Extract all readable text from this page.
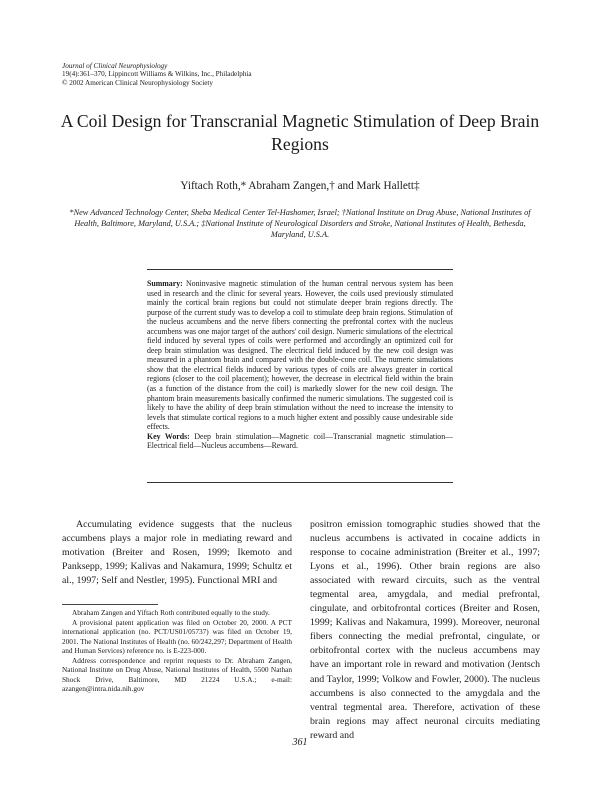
Journal of Clinical Neurophysiology
19(4):361–370, Lippincott Williams & Wilkins, Inc., Philadelphia
© 2002 American Clinical Neurophysiology Society
A Coil Design for Transcranial Magnetic Stimulation of Deep Brain Regions
Yiftach Roth,* Abraham Zangen,† and Mark Hallett‡
*New Advanced Technology Center, Sheba Medical Center Tel-Hashomer, Israel; †National Institute on Drug Abuse, National Institutes of Health, Baltimore, Maryland, U.S.A.; ‡National Institute of Neurological Disorders and Stroke, National Institutes of Health, Bethesda, Maryland, U.S.A.

Summary: Noninvasive magnetic stimulation of the human central nervous system has been used in research and the clinic for several years. However, the coils used previously stimulated mainly the cortical brain regions but could not stimulate deeper brain regions directly. The purpose of the current study was to develop a coil to stimulate deep brain regions. Stimulation of the nucleus accumbens and the nerve fibers connecting the prefrontal cortex with the nucleus accumbens was one major target of the authors' coil design. Numeric simulations of the electrical field induced by several types of coils were performed and accordingly an optimized coil for deep brain stimulation was designed. The electrical field induced by the new coil design was measured in a phantom brain and compared with the double-cone coil. The numeric simulations show that the electrical fields induced by various types of coils are always greater in cortical regions (closer to the coil placement); however, the decrease in electrical field within the brain (as a function of the distance from the coil) is markedly slower for the new coil design. The phantom brain measurements basically confirmed the numeric simulations. The suggested coil is likely to have the ability of deep brain stimulation without the need to increase the intensity to levels that stimulate cortical regions to a much higher extent and possibly cause undesirable side effects.

Key Words: Deep brain stimulation—Magnetic coil—Transcranial magnetic stimulation—Electrical field—Nucleus accumbens—Reward.

Accumulating evidence suggests that the nucleus accumbens plays a major role in mediating reward and motivation (Breiter and Rosen, 1999; Ikemoto and Panksepp, 1999; Kalivas and Nakamura, 1999; Schultz et al., 1997; Self and Nestler, 1995). Functional MRI and

positron emission tomographic studies showed that the nucleus accumbens is activated in cocaine addicts in response to cocaine administration (Breiter et al., 1997; Lyons et al., 1996). Other brain regions are also associated with reward circuits, such as the ventral tegmental area, amygdala, and medial prefrontal, cingulate, and orbitofrontal cortices (Breiter and Rosen, 1999; Kalivas and Nakamura, 1999). Moreover, neuronal fibers connecting the medial prefrontal, cingulate, or orbitofrontal cortex with the nucleus accumbens may have an important role in reward and motivation (Jentsch and Taylor, 1999; Volkow and Fowler, 2000). The nucleus accumbens is also connected to the amygdala and the ventral tegmental area. Therefore, activation of these brain regions may affect neuronal circuits mediating reward and

Abraham Zangen and Yiftach Roth contributed equally to the study.

A provisional patent application was filed on October 20, 2000. A PCT international application (no. PCT/US01/05737) was filed on October 19, 2001. The National Institutes of Health (no. 60/242,297; Department of Health and Human Services) reference no. is E-223-000.

Address correspondence and reprint requests to Dr. Abraham Zangen, National Institute on Drug Abuse, National Institutes of Health, 5500 Nathan Shock Drive, Baltimore, MD 21224 U.S.A.; e-mail: azangen@intra.nida.nih.gov

361
